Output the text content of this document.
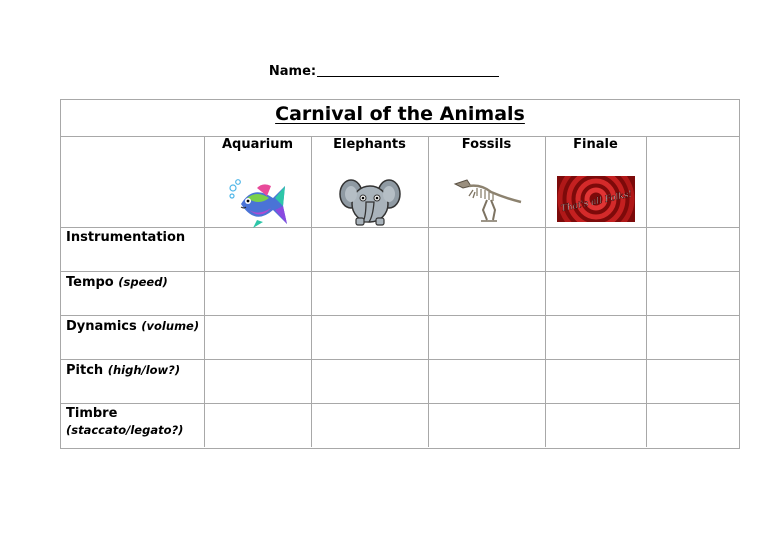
Name:
Carnival of the Animals

	Aquarium	Elephants	Fossils	Finale
That's all Folks!	

Instrumentation					

Tempo (speed)					

Dynamics (volume)					

Pitch (high/low?)					

Timbre
(staccato/legato?)					
